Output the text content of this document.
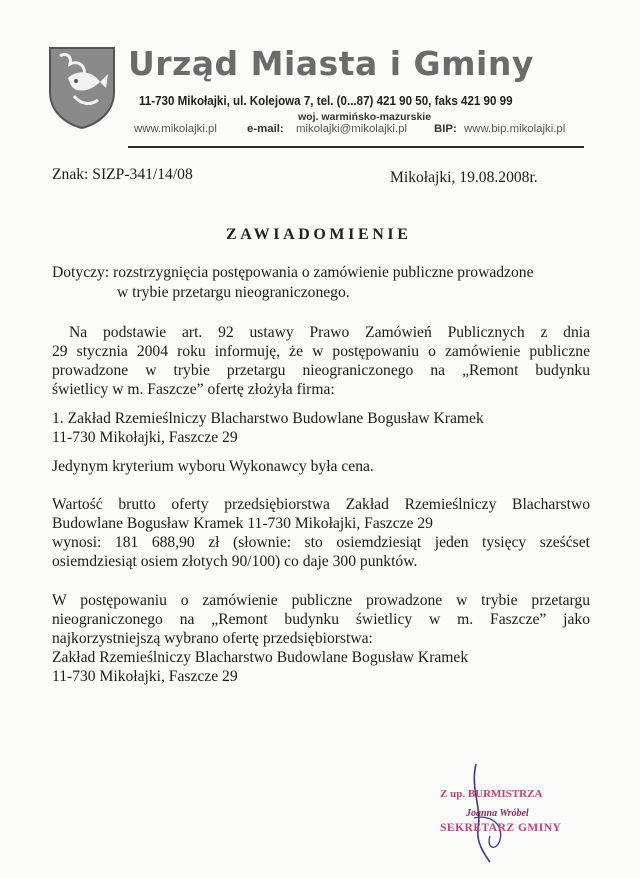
Urząd Miasta i Gminy
11-730 Mikołajki, ul. Kolejowa 7, tel. (0...87) 421 90 50, faks 421 90 99
woj. warmińsko-mazurskie
www.mikolajki.pl	e-mail: mikolajki@mikolajki.pl BIP: www.bip.mikolajki.pl
Znak: SIZP-341/14/08	Mikołajki, 19.08.2008r.
ZAWIADOMIENIE
Dotyczy: rozstrzygnięcia postępowania o zamówienie publiczne prowadzone
w trybie przetargu nieograniczonego.
Na podstawie art. 92 ustawy Prawo Zamówień Publicznych z dnia
29 stycznia 2004 roku informuję, że w postępowaniu o zamówienie publiczne
prowadzone w trybie przetargu nieograniczonego na „Remont budynku
świetlicy w m. Faszcze” ofertę złożyła firma:
1. Zakład Rzemieślniczy Blacharstwo Budowlane Bogusław Kramek
11-730 Mikołajki, Faszcze 29
Jedynym kryterium wyboru Wykonawcy była cena.
Wartość brutto oferty przedsiębiorstwa Zakład Rzemieślniczy Blacharstwo
Budowlane Bogusław Kramek 11-730 Mikołajki, Faszcze 29
wynosi: 181 688,90 zł (słownie: sto osiemdziesiąt jeden tysięcy sześćset
osiemdziesiąt osiem złotych 90/100) co daje 300 punktów.
W postępowaniu o zamówienie publiczne prowadzone w trybie przetargu
nieograniczonego na „Remont budynku świetlicy w m. Faszcze” jako
najkorzystniejszą wybrano ofertę przedsiębiorstwa:
Zakład Rzemieślniczy Blacharstwo Budowlane Bogusław Kramek
11-730 Mikołajki, Faszcze 29
Z up. BURMISTRZA
Joanna Wróbel
SEKRETARZ GMINY
